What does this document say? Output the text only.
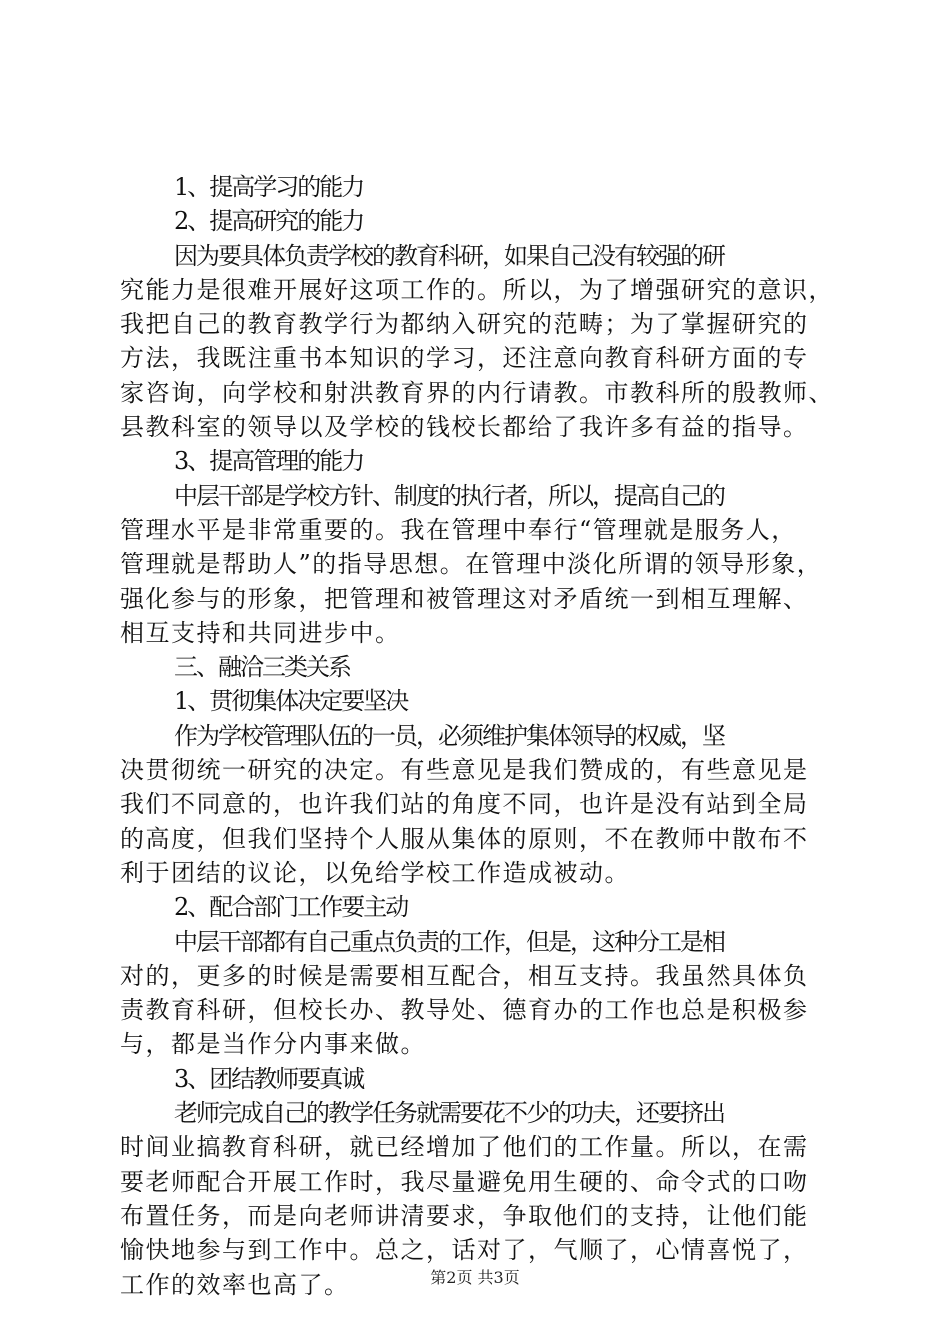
1、提高学习的能力
2、提高研究的能力
因为要具体负责学校的教育科研，如果自己没有较强的研
究能力是很难开展好这项工作的。所以，为了增强研究的意识，
我把自己的教育教学行为都纳入研究的范畴；为了掌握研究的
方法，我既注重书本知识的学习，还注意向教育科研方面的专
家咨询，向学校和射洪教育界的内行请教。市教科所的殷教师、
县教科室的领导以及学校的钱校长都给了我许多有益的指导。
3、提高管理的能力
中层干部是学校方针、制度的执行者，所以，提高自己的
管理水平是非常重要的。我在管理中奉行“管理就是服务人，
管理就是帮助人”的指导思想。在管理中淡化所谓的领导形象，
强化参与的形象，把管理和被管理这对矛盾统一到相互理解、
相互支持和共同进步中。
三、融洽三类关系
1、贯彻集体决定要坚决
作为学校管理队伍的一员，必须维护集体领导的权威，坚
决贯彻统一研究的决定。有些意见是我们赞成的，有些意见是
我们不同意的，也许我们站的角度不同，也许是没有站到全局
的高度，但我们坚持个人服从集体的原则，不在教师中散布不
利于团结的议论，以免给学校工作造成被动。
2、配合部门工作要主动
中层干部都有自己重点负责的工作，但是，这种分工是相
对的，更多的时候是需要相互配合，相互支持。我虽然具体负
责教育科研，但校长办、教导处、德育办的工作也总是积极参
与，都是当作分内事来做。
3、团结教师要真诚
老师完成自己的教学任务就需要花不少的功夫，还要挤出
时间业搞教育科研，就已经增加了他们的工作量。所以，在需
要老师配合开展工作时，我尽量避免用生硬的、命令式的口吻
布置任务，而是向老师讲清要求，争取他们的支持，让他们能
愉快地参与到工作中。总之，话对了，气顺了，心情喜悦了，
工作的效率也高了。	第2页 共3页
